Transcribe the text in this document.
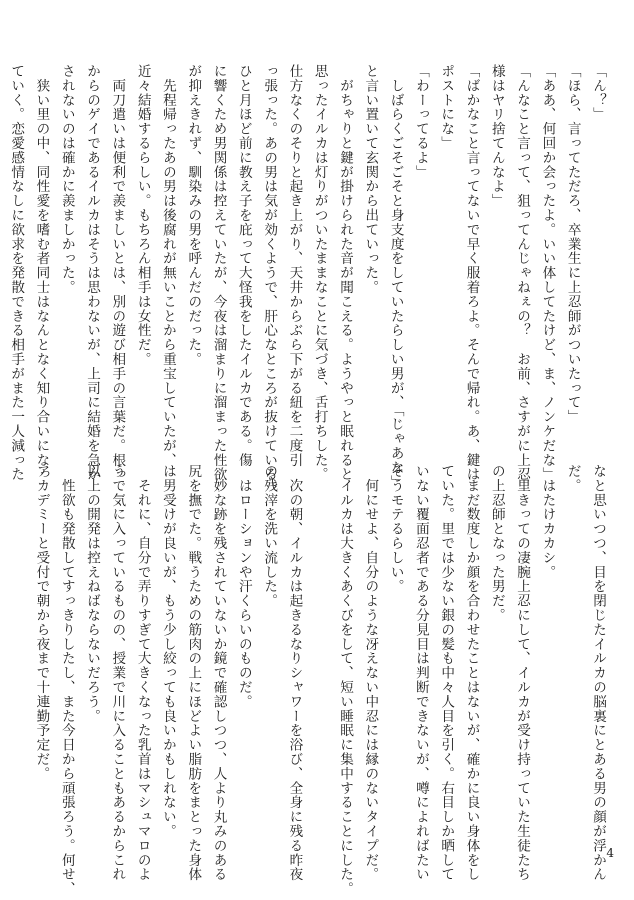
「ん？」

「ほら、言ってただろ、卒業生に上忍師がついたって」

「ああ、何回か会ったよ。いい体してたけど、ま、ノンケだな」

「んなこと言って、狙ってんじゃねぇの？　お前、さすがに上忍

様はヤリ捨てんなよ」

「ばかなこと言ってないで早く服着ろよ。そんで帰れ。あ、鍵は

ポストにな」

「わーってるよ」

　しばらくごそごそと身支度をしていたらしい男が、「じゃあな」

と言い置いて玄関から出ていった。

　がちゃりと鍵が掛けられた音が聞こえる。ようやっと眠れると

思ったイルカは灯りがついたままなことに気づき、舌打ちした。

仕方なくのそりと起き上がり、天井からぶら下がる紐を二度引

っ張った。あの男は気が効くようで、肝心なところが抜けている。

ひと月ほど前に教え子を庇って大怪我をしたイルカである。傷

に響くため男関係は控えていたが、今夜は溜まりに溜まった性欲

が抑えきれず、馴染みの男を呼んだのだった。

　先程帰ったあの男は後腐れが無いことから重宝していたが、

近々結婚するらしい。もちろん相手は女性だ。

　両刀遣いは便利で羨ましいとは、別の遊び相手の言葉だ。根っ

からのゲイであるイルカはそうは思わないが、上司に結婚を急か

されないのは確かに羨ましかった。

　狭い里の中、同性愛を嗜む者同士はなんとなく知り合いになっ

ていく。恋愛感情なしに欲求を発散できる相手がまた一人減った

なと思いつつ、目を閉じたイルカの脳裏にとある男の顔が浮かん

だ。

　はたけカカシ。

　里きっての凄腕上忍にして、イルカが受け持っていた生徒たち

の上忍師となった男だ。

　まだ数度しか顔を合わせたことはないが、確かに良い身体をし

ていた。里では少ない銀の髪も中々人目を引く。右目しか晒して

いない覆面忍者である分見目は判断できないが、噂によればたい

そうモテるらしい。

　何にせよ、自分のような冴えない中忍には縁のないタイプだ。

　イルカは大きくあくびをして、短い睡眠に集中することにした。

　次の朝、イルカは起きるなりシャワーを浴び、全身に残る昨夜

の残滓を洗い流した。

　はローションや汗くらいのものだ。

　妙な跡を残されていないか鏡で確認しつつ、人より丸みのある

尻を撫でた。戦うための筋肉の上にほどよい脂肪をまとった身体

は男受けが良いが、もう少し絞っても良いかもしれない。

　それに、自分で弄りすぎて大きくなった乳首はマシュマロのよ

うで気に入っているものの、授業で川に入ることもあるからこれ

以上の開発は控えねばならないだろう。

　性欲も発散してすっきりしたし、また今日から頑張ろう。何せ、

アカデミーと受付で朝から夜まで十連勤予定だ。

4
